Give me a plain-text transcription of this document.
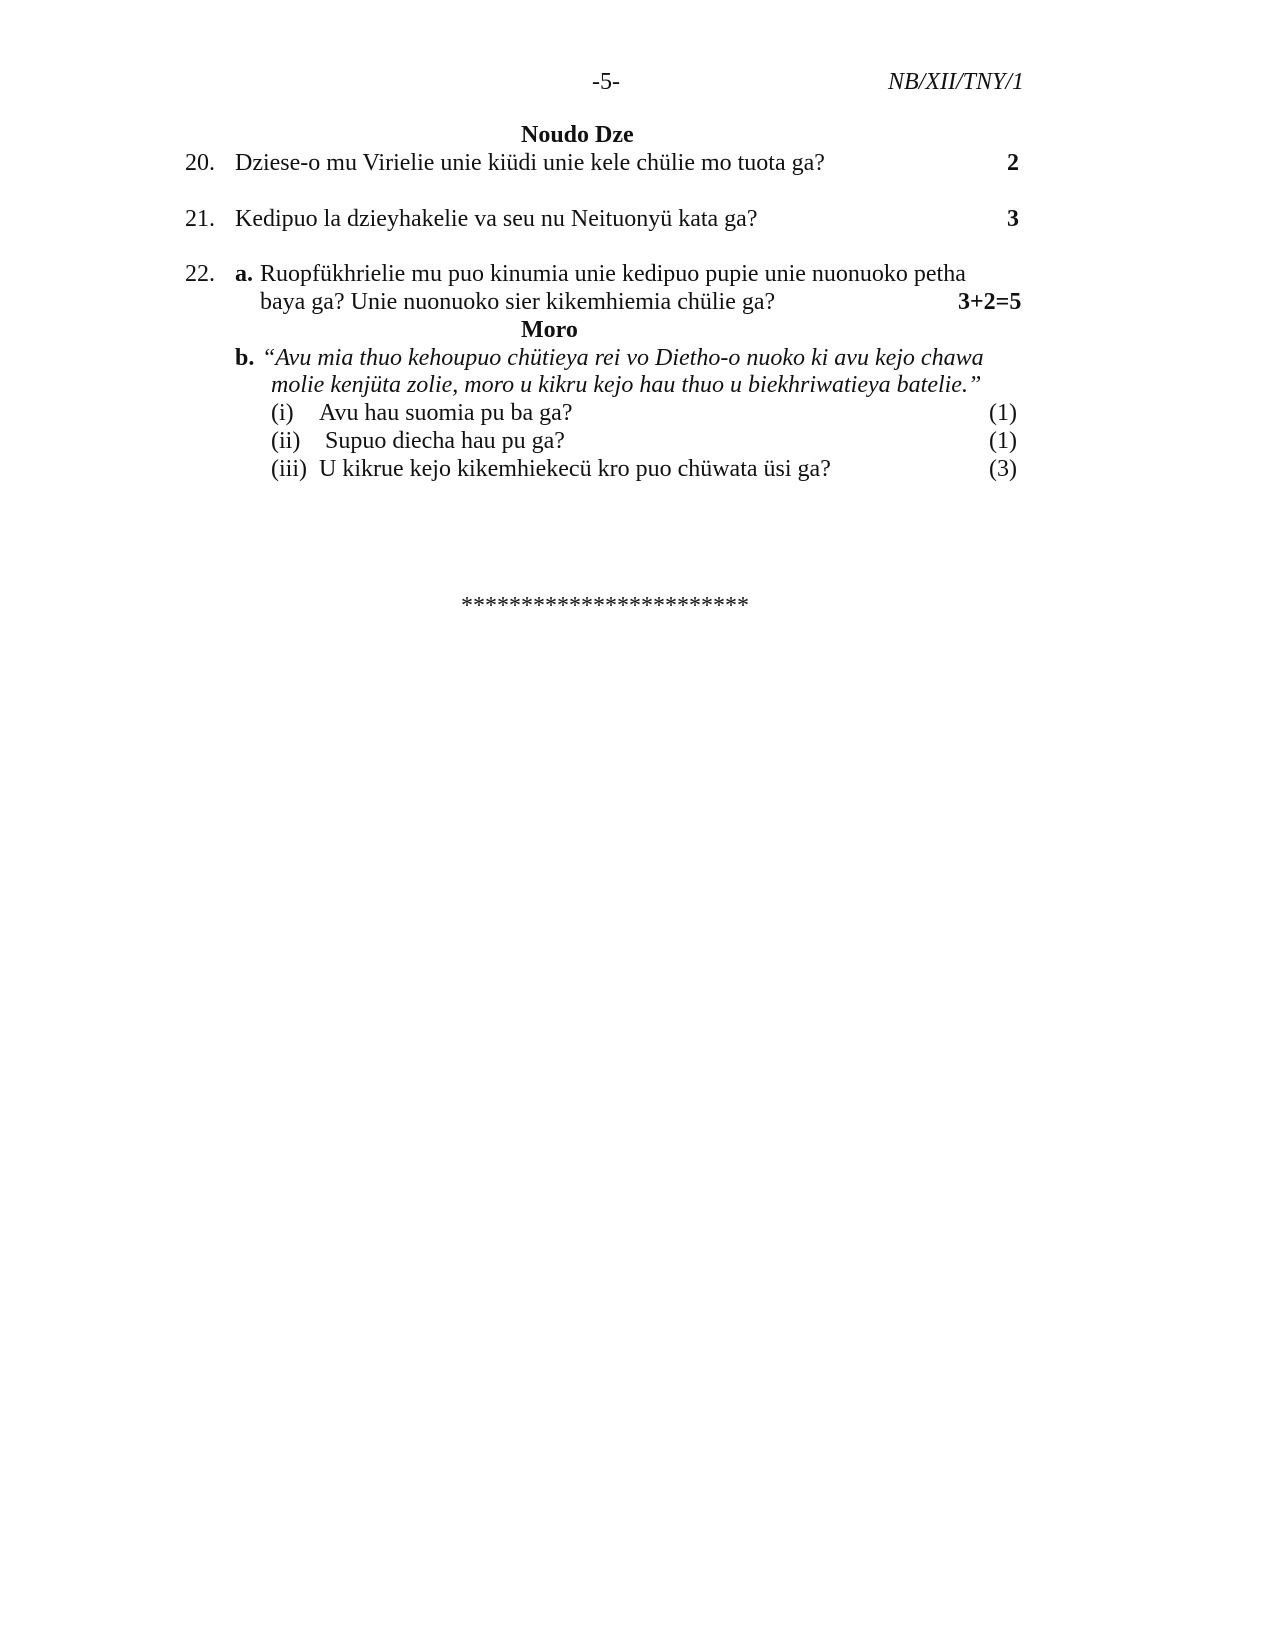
-5-	NB/XII/TNY/1
Noudo Dze
20. Dziese-o mu Virielie unie kiüdi unie kele chülie mo tuota ga?	2
21. Kedipuo la dzieyhakelie va seu nu Neituonyü kata ga?	3
22. a. Ruopfükhrielie mu puo kinumia unie kedipuo pupie unie nuonuoko petha
baya ga? Unie nuonuoko sier kikemhiemia chülie ga?	3+2=5
Moro
b. “Avu mia thuo kehoupuo chütieya rei vo Dietho-o nuoko ki avu kejo chawa
molie kenjüta zolie, moro u kikru kejo hau thuo u biekhriwatieya batelie.”
(i) Avu hau suomia pu ba ga?	(1)
(ii) Supuo diecha hau pu ga?	(1)
(iii) U kikrue kejo kikemhiekecü kro puo chüwata üsi ga?	(3)
************************
